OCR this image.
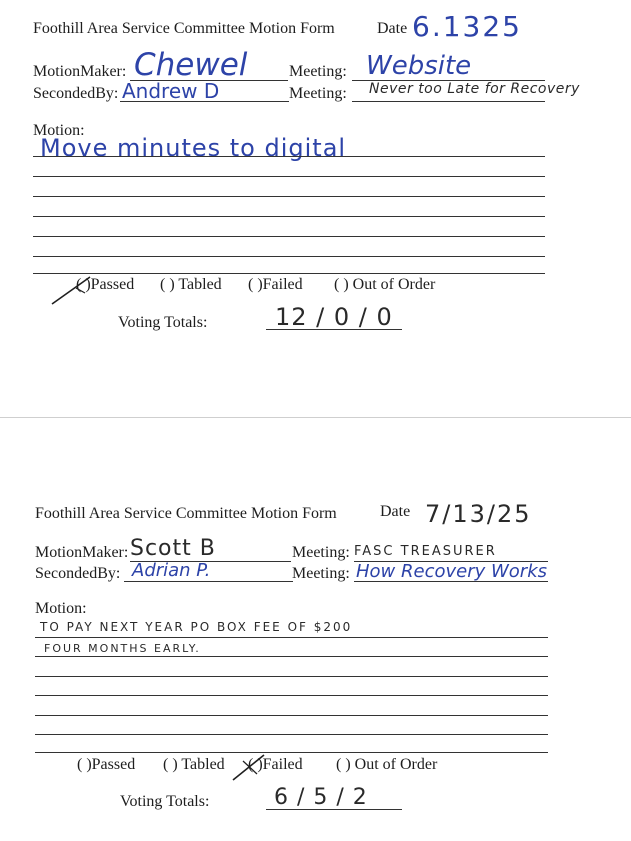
Foothill Area Service Committee Motion Form	Date 6.1325
MotionMaker: Chewel	Meeting: Website
SecondedBy: Andrew D	Meeting: Never too Late for Recovery
Motion:
Move minutes to digital
( )Passed ( ) Tabled ( )Failed ( ) Out of Order
Voting Totals:	12 / 0 / 0
Foothill Area Service Committee Motion Form	Date 7/13/25
MotionMaker: Scott B	Meeting: FASC TREASURER
SecondedBy: Adrian P.	Meeting: How Recovery Works
Motion:
TO PAY NEXT YEAR PO BOX FEE OF $200
FOUR MONTHS EARLY.
( )Passed ( ) Tabled ( )Failed ( ) Out of Order
Voting Totals:	6 / 5 / 2
